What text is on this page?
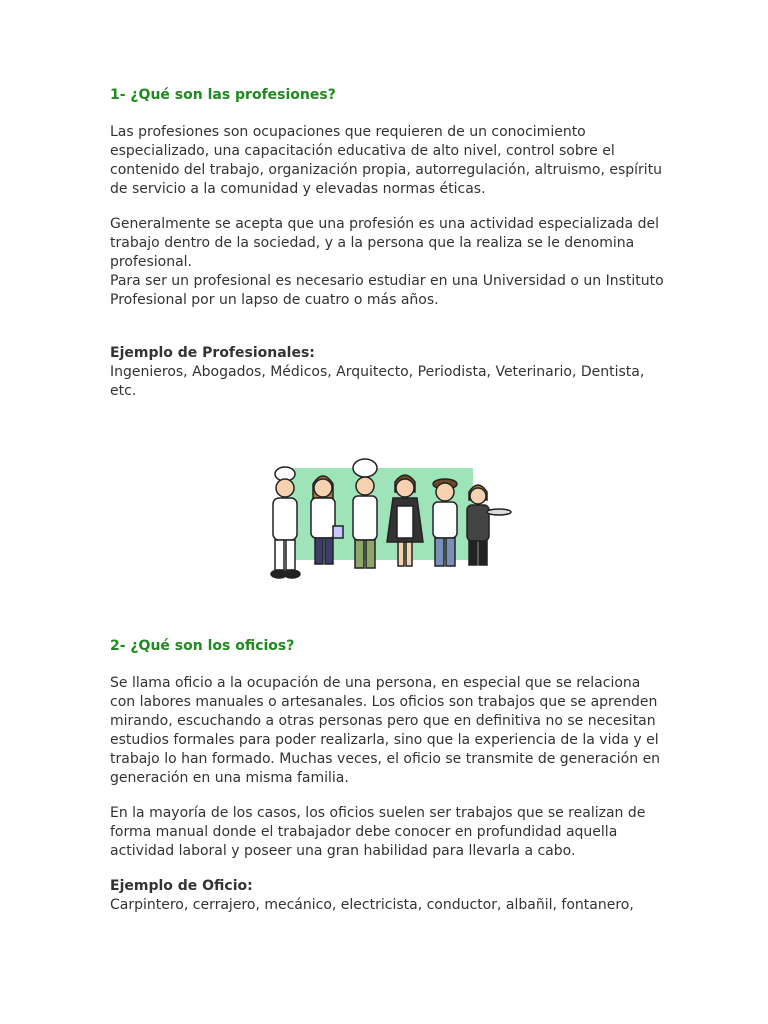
1- ¿Qué son las profesiones?

Las profesiones son ocupaciones que requieren de un conocimiento
especializado, una capacitación educativa de alto nivel, control sobre el
contenido del trabajo, organización propia, autorregulación, altruismo, espíritu
de servicio a la comunidad y elevadas normas éticas.

Generalmente se acepta que una profesión es una actividad especializada del
trabajo dentro de la sociedad, y a la persona que la realiza se le denomina
profesional.
Para ser un profesional es necesario estudiar en una Universidad o un Instituto
Profesional por un lapso de cuatro o más años.

Ejemplo de Profesionales:

Ingenieros, Abogados, Médicos, Arquitecto, Periodista, Veterinario, Dentista,
etc.

2- ¿Qué son los oficios?

Se llama oficio a la ocupación de una persona, en especial que se relaciona
con labores manuales o artesanales. Los oficios son trabajos que se aprenden
mirando, escuchando a otras personas pero que en definitiva no se necesitan
estudios formales para poder realizarla, sino que la experiencia de la vida y el
trabajo lo han formado. Muchas veces, el oficio se transmite de generación en
generación en una misma familia.

En la mayoría de los casos, los oficios suelen ser trabajos que se realizan de
forma manual donde el trabajador debe conocer en profundidad aquella
actividad laboral y poseer una gran habilidad para llevarla a cabo.

Ejemplo de Oficio:

Carpintero, cerrajero, mecánico, electricista, conductor, albañil, fontanero,
